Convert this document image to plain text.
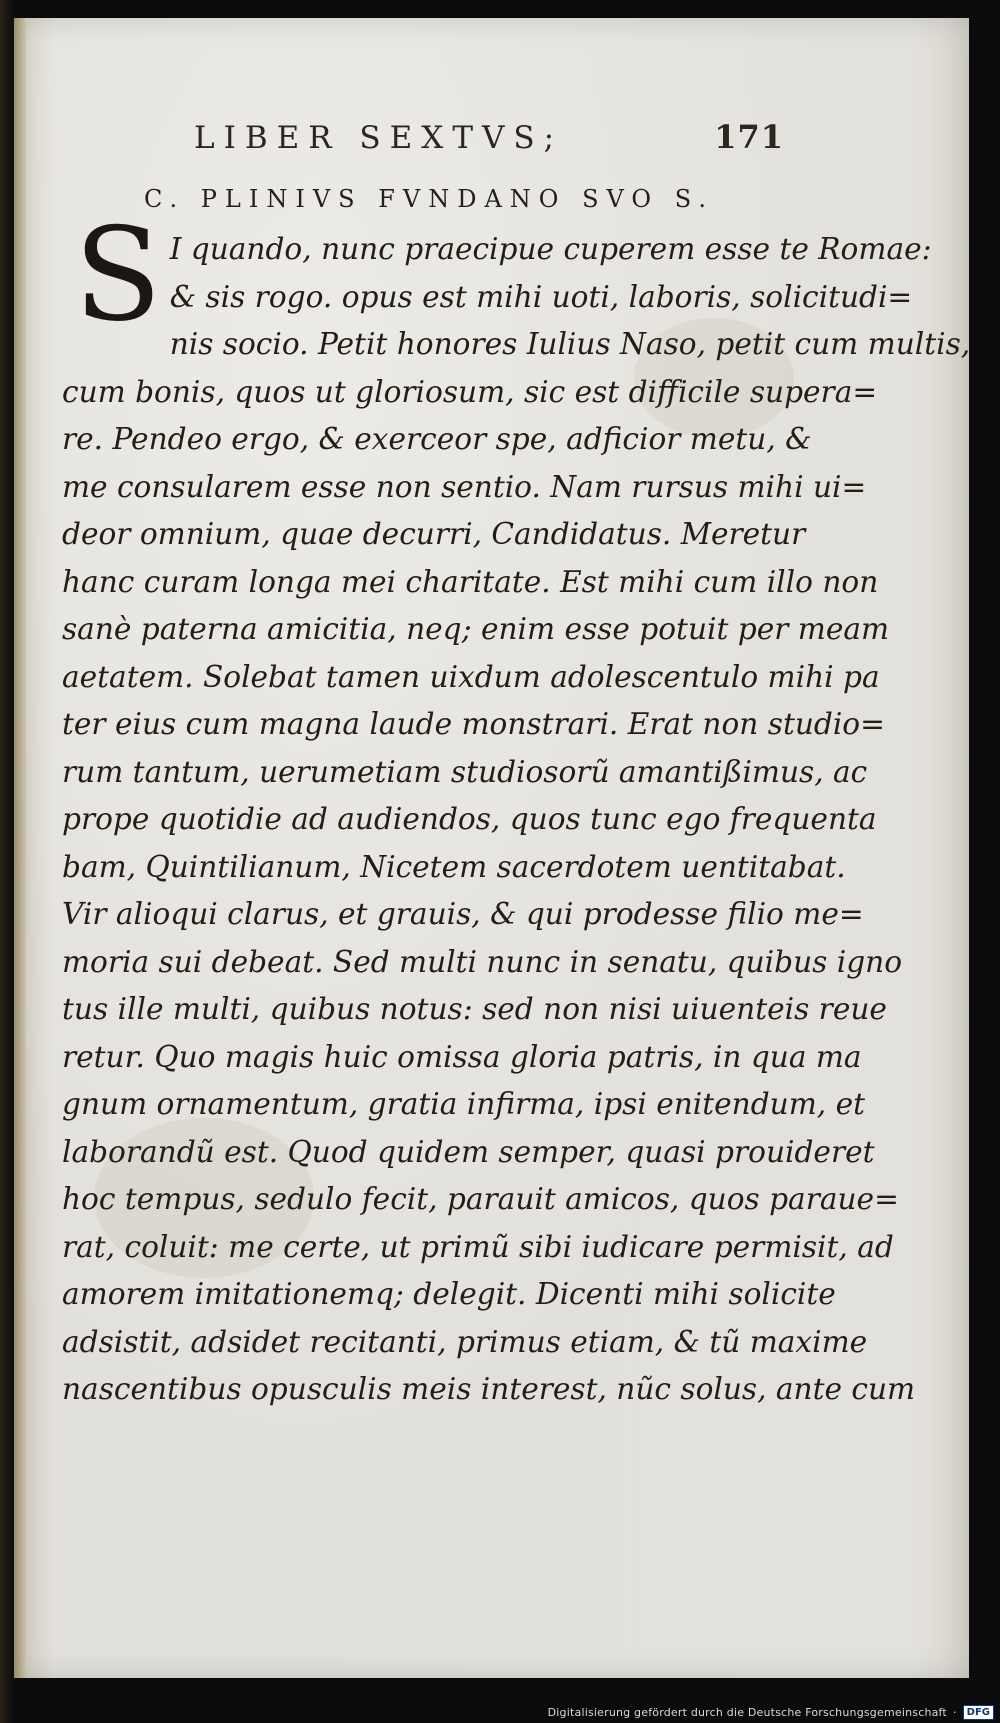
LIBER SEXTVS;	171
C. PLINIVS FVNDANO SVO S.
S I quando, nunc praecipue cuperem esse te Romae:
& sis rogo. opus est mihi uoti, laboris, solicitudi=
nis socio. Petit honores Iulius Naso, petit cum multis,
cum bonis, quos ut gloriosum, sic est difficile supera=
re. Pendeo ergo, & exerceor spe, adficior metu, &
me consularem esse non sentio. Nam rursus mihi ui=
deor omnium, quae decurri, Candidatus. Meretur
hanc curam longa mei charitate. Est mihi cum illo non
sanè paterna amicitia, neq; enim esse potuit per meam
aetatem. Solebat tamen uixdum adolescentulo mihi pa
ter eius cum magna laude monstrari. Erat non studio=
rum tantum, uerumetiam studiosorũ amantißimus, ac
prope quotidie ad audiendos, quos tunc ego frequenta
bam, Quintilianum, Nicetem sacerdotem uentitabat.
Vir alioqui clarus, et grauis, & qui prodesse filio me=
moria sui debeat. Sed multi nunc in senatu, quibus igno
tus ille multi, quibus notus: sed non nisi uiuenteis reue
retur. Quo magis huic omissa gloria patris, in qua ma
gnum ornamentum, gratia infirma, ipsi enitendum, et
laborandũ est. Quod quidem semper, quasi prouideret
hoc tempus, sedulo fecit, parauit amicos, quos paraue=
rat, coluit: me certe, ut primũ sibi iudicare permisit, ad
amorem imitationemq; delegit. Dicenti mihi solicite
adsistit, adsidet recitanti, primus etiam, & tũ maxime
nascentibus opusculis meis interest, nũc solus, ante cum
Digitalisierung gefördert durch die Deutsche Forschungsgemeinschaft ·	DFG
